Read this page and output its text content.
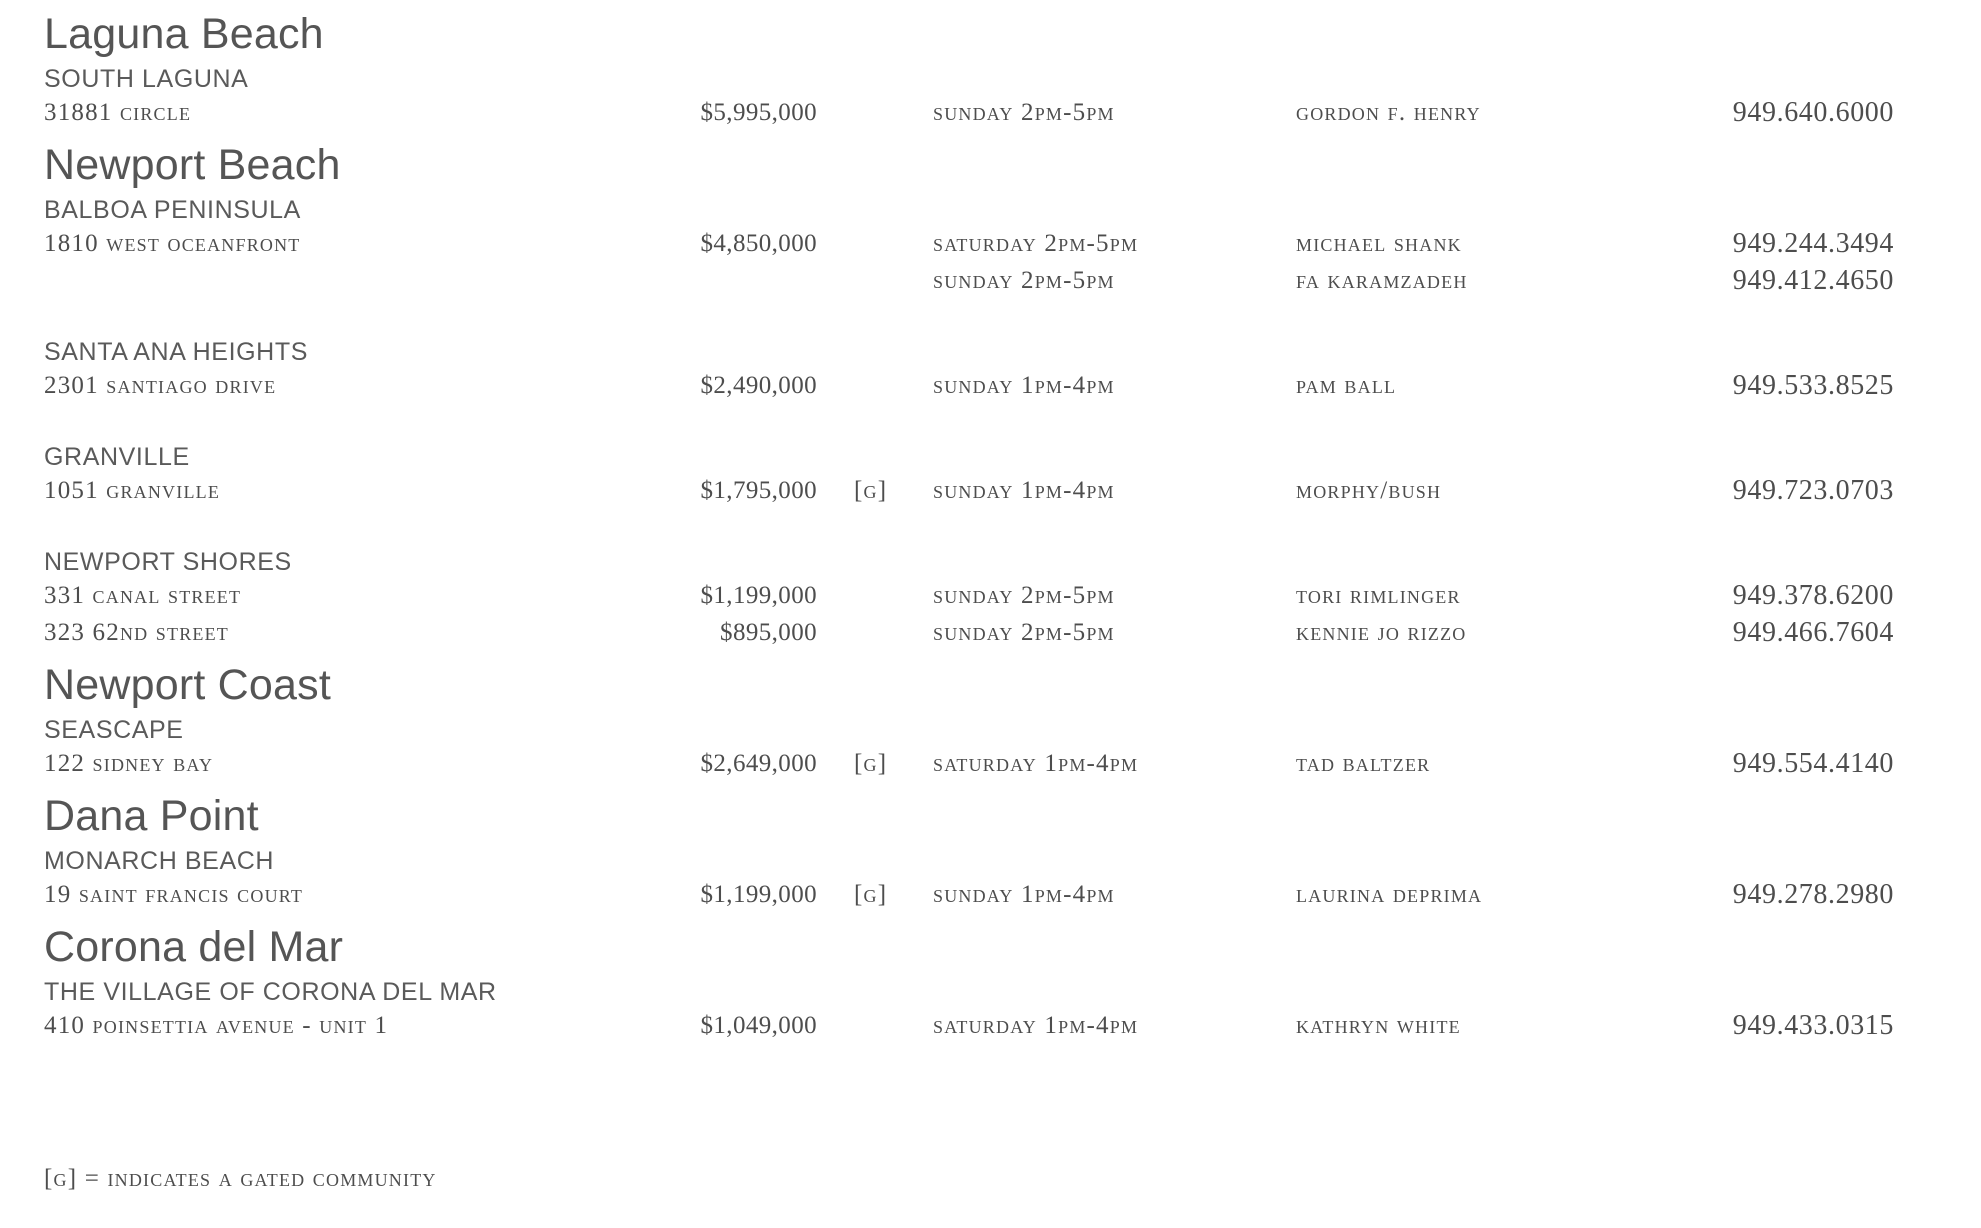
Laguna Beach
SOUTH LAGUNA
31881 circle	$5,995,000	sunday 2pm-5pm	gordon f. henry	949.640.6000
Newport Beach
BALBOA PENINSULA
1810 west oceanfront	$4,850,000	saturday 2pm-5pm	michael shank	949.244.3494
sunday 2pm-5pm	fa karamzadeh	949.412.4650
SANTA ANA HEIGHTS
2301 santiago drive	$2,490,000	sunday 1pm-4pm	pam ball	949.533.8525
GRANVILLE
1051 granville	$1,795,000 [g] sunday 1pm-4pm	morphy/bush	949.723.0703
NEWPORT SHORES
331 canal street	$1,199,000	sunday 2pm-5pm	tori rimlinger	949.378.6200
323 62nd street	$895,000	sunday 2pm-5pm	kennie jo rizzo	949.466.7604
Newport Coast
SEASCAPE
122 sidney bay	$2,649,000 [g] saturday 1pm-4pm	tad baltzer	949.554.4140
Dana Point
MONARCH BEACH
19 saint francis court	$1,199,000 [g] sunday 1pm-4pm	laurina deprima	949.278.2980
Corona del Mar
THE VILLAGE OF CORONA DEL MAR
410 poinsettia avenue - unit 1	$1,049,000	saturday 1pm-4pm	kathryn white	949.433.0315
[g] = indicates a gated community
